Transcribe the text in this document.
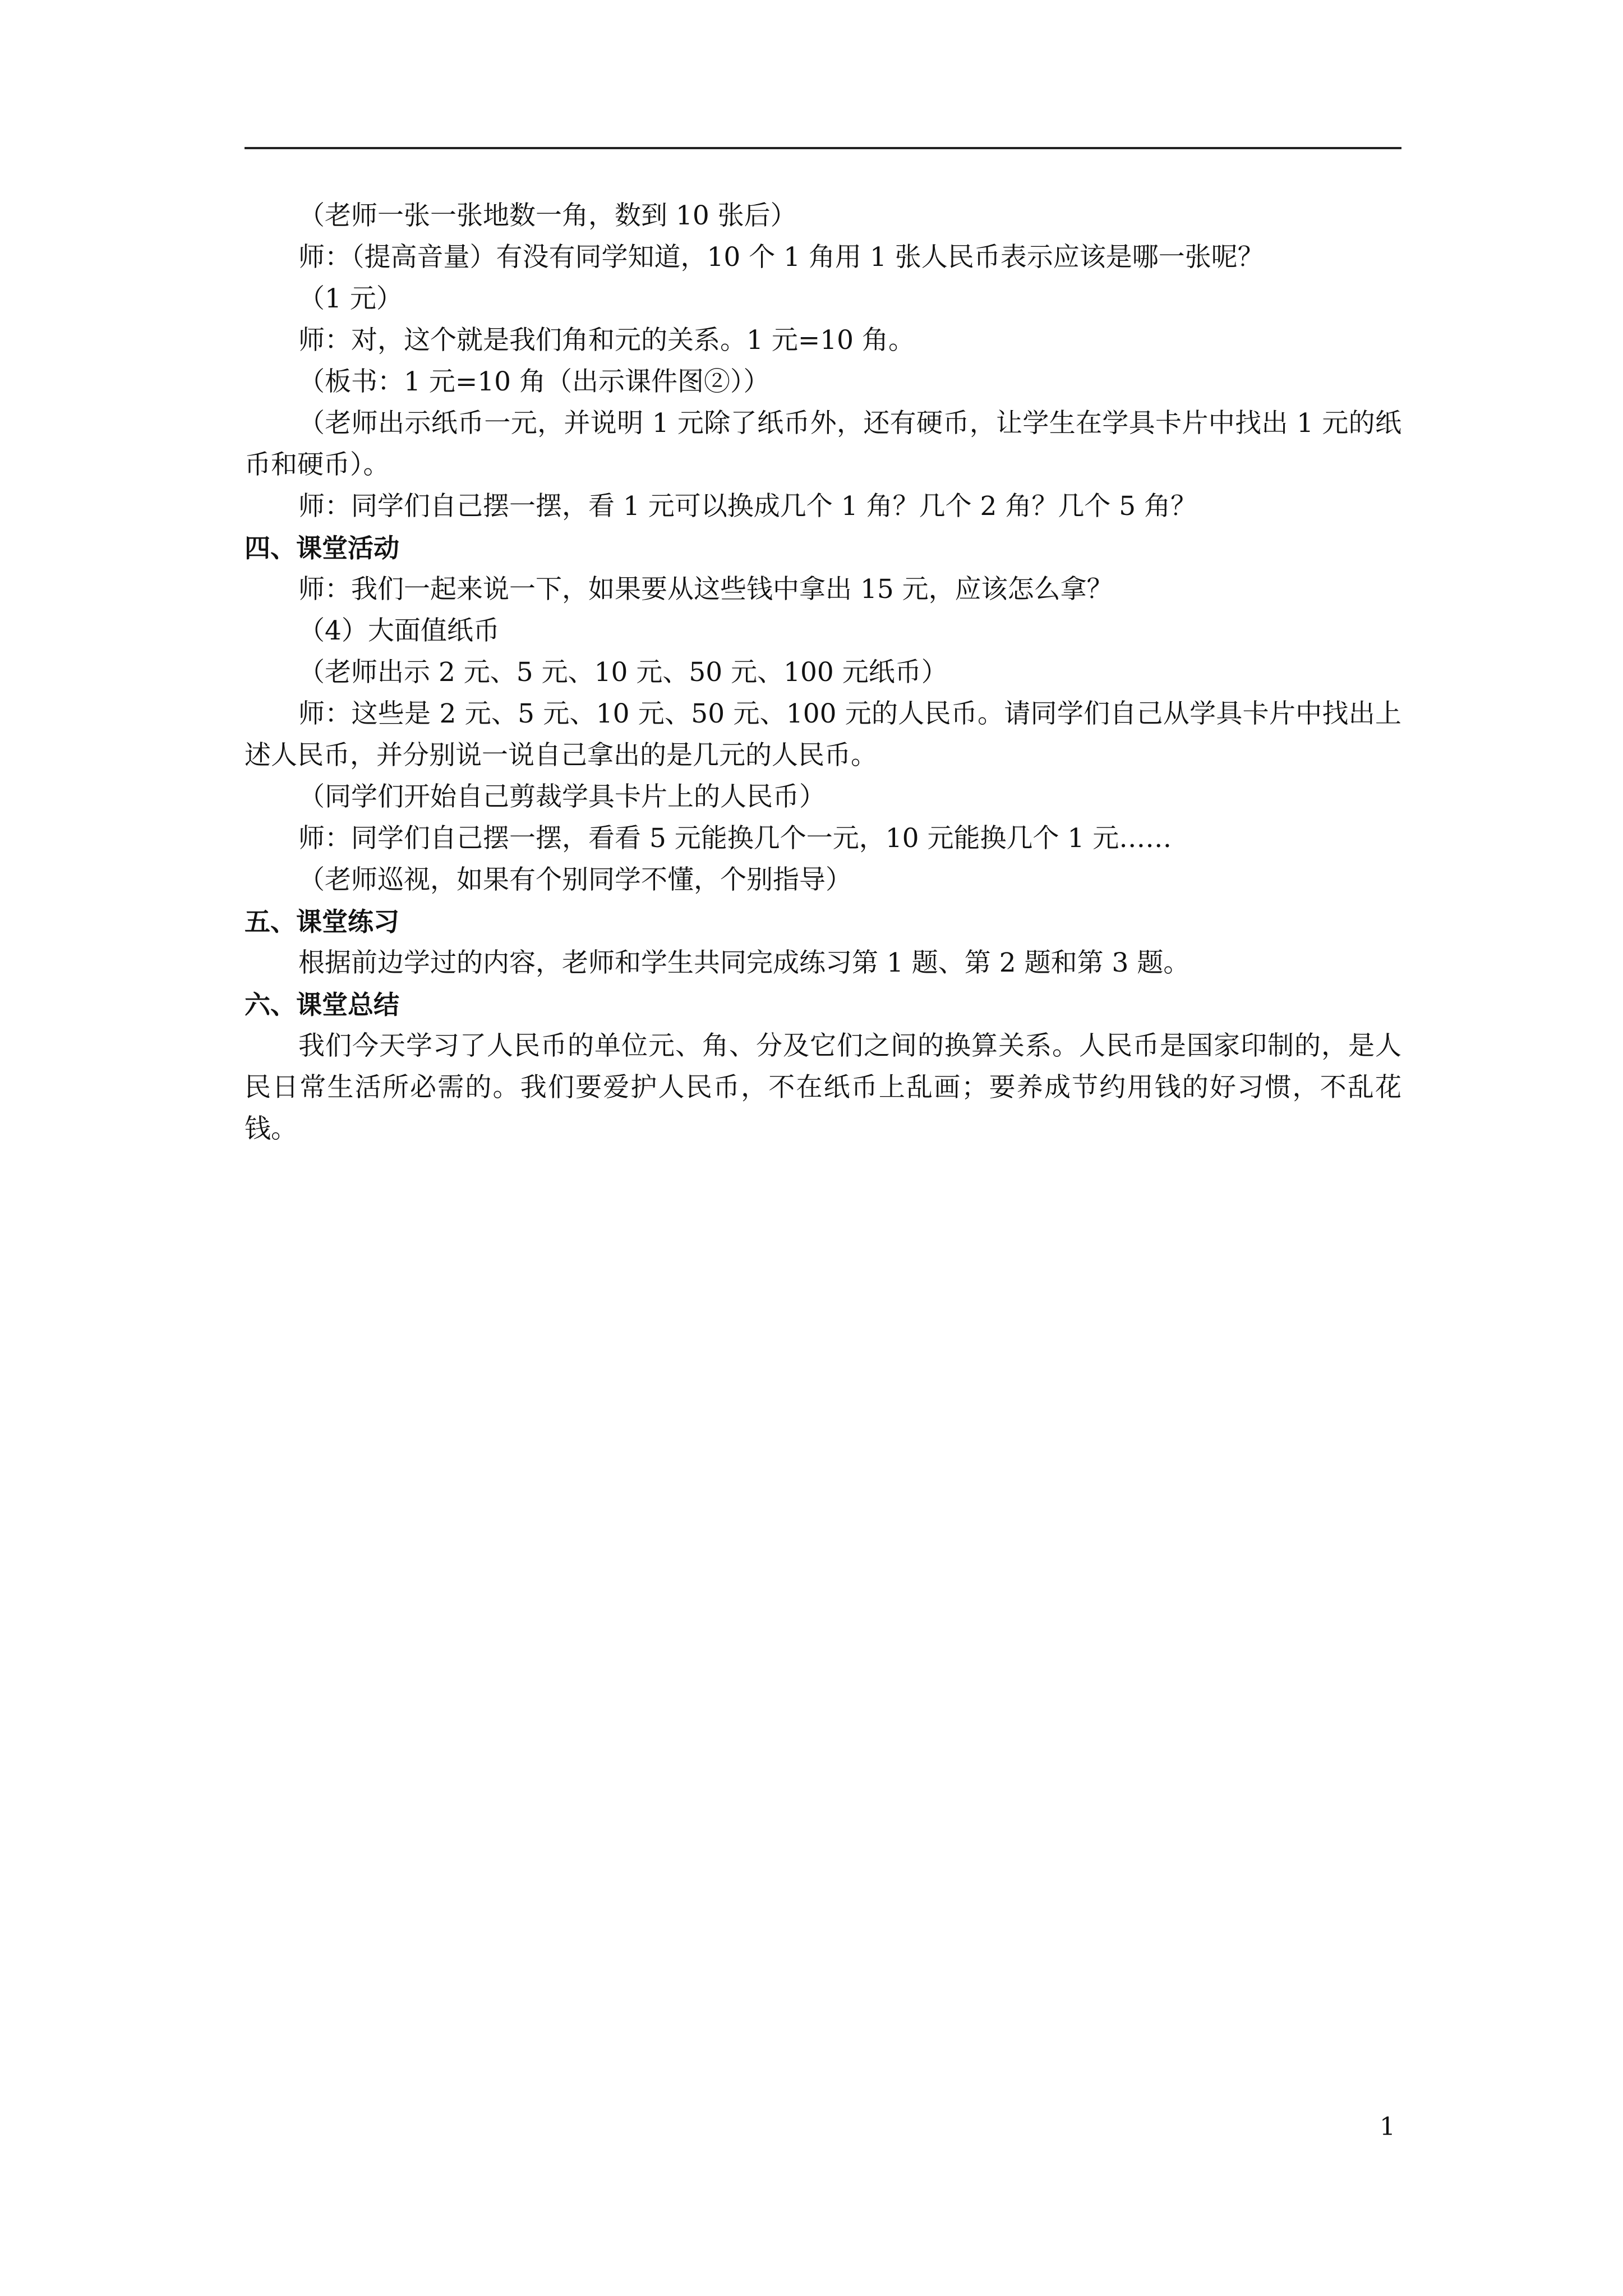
（老师一张一张地数一角，数到 10 张后）

师：（提高音量）有没有同学知道，10 个 1 角用 1 张人民币表示应该是哪一张呢？

（1 元）

师：对，这个就是我们角和元的关系。1 元=10 角。

（板书：1 元=10 角（出示课件图②））

（老师出示纸币一元，并说明 1 元除了纸币外，还有硬币，让学生在学具卡片中找出 1 元的纸币和硬币）。

师：同学们自己摆一摆，看 1 元可以换成几个 1 角？几个 2 角？几个 5 角？

四、课堂活动

师：我们一起来说一下，如果要从这些钱中拿出 15 元，应该怎么拿？

（4）大面值纸币

（老师出示 2 元、5 元、10 元、50 元、100 元纸币）

师：这些是 2 元、5 元、10 元、50 元、100 元的人民币。请同学们自己从学具卡片中找出上述人民币，并分别说一说自己拿出的是几元的人民币。

（同学们开始自己剪裁学具卡片上的人民币）

师：同学们自己摆一摆，看看 5 元能换几个一元，10 元能换几个 1 元……

（老师巡视，如果有个别同学不懂，个别指导）

五、课堂练习

根据前边学过的内容，老师和学生共同完成练习第 1 题、第 2 题和第 3 题。

六、课堂总结

我们今天学习了人民币的单位元、角、分及它们之间的换算关系。人民币是国家印制的，是人民日常生活所必需的。我们要爱护人民币，不在纸币上乱画；要养成节约用钱的好习惯，不乱花钱。

1
